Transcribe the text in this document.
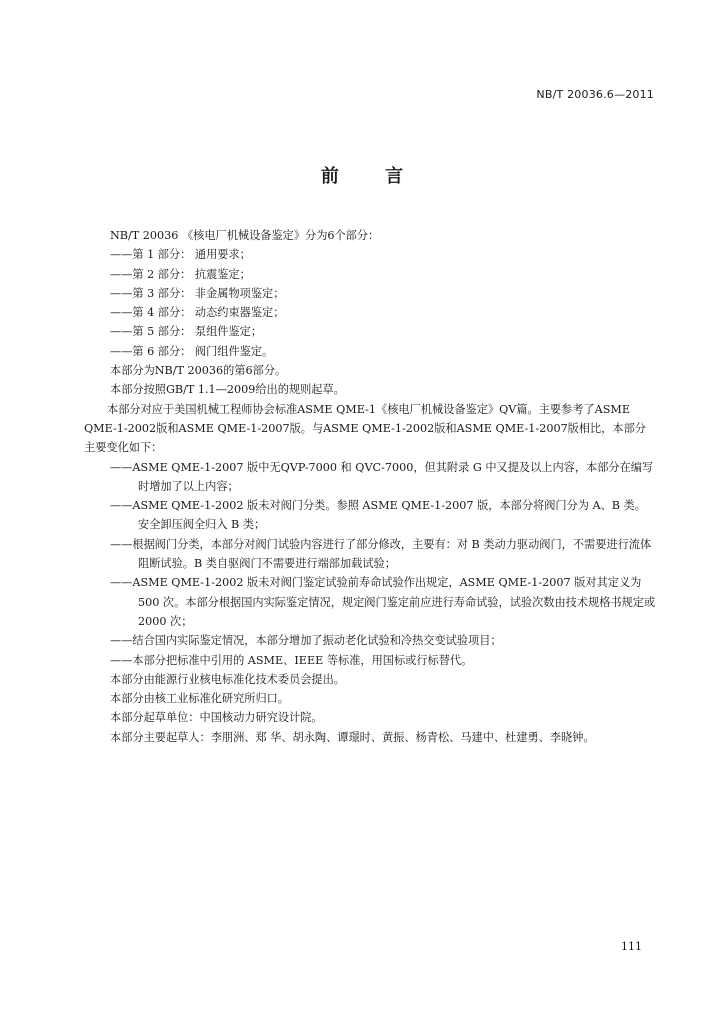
NB/T 20036.6—2011
前 言

NB/T 20036 《核电厂机械设备鉴定》分为6个部分：

——第 1 部分： 通用要求；

——第 2 部分： 抗震鉴定；

——第 3 部分： 非金属物项鉴定；

——第 4 部分： 动态约束器鉴定；

——第 5 部分： 泵组件鉴定；

——第 6 部分： 阀门组件鉴定。

本部分为NB/T 20036的第6部分。

本部分按照GB/T 1.1—2009给出的规则起草。

本部分对应于美国机械工程师协会标准ASME QME-1《核电厂机械设备鉴定》QV篇。主要参考了ASME QME-1-2002版和ASME QME-1-2007版。与ASME QME-1-2002版和ASME QME-1-2007版相比，本部分主要变化如下：

——ASME QME-1-2007 版中无QVP-7000 和 QVC-7000，但其附录 G 中又提及以上内容，本部分在编写时增加了以上内容；

——ASME QME-1-2002 版未对阀门分类。参照 ASME QME-1-2007 版，本部分将阀门分为 A、B 类。安全卸压阀全归入 B 类；

——根据阀门分类，本部分对阀门试验内容进行了部分修改，主要有：对 B 类动力驱动阀门，不需要进行流体阻断试验。B 类自驱阀门不需要进行端部加载试验；

——ASME QME-1-2002 版未对阀门鉴定试验前寿命试验作出规定，ASME QME-1-2007 版对其定义为 500 次。本部分根据国内实际鉴定情况，规定阀门鉴定前应进行寿命试验，试验次数由技术规格书规定或 2000 次；

——结合国内实际鉴定情况，本部分增加了振动老化试验和冷热交变试验项目；

——本部分把标准中引用的 ASME、IEEE 等标准，用国标或行标替代。

本部分由能源行业核电标准化技术委员会提出。

本部分由核工业标准化研究所归口。

本部分起草单位：中国核动力研究设计院。

本部分主要起草人：李朋洲、郑 华、胡永陶、谭璟时、黄振、杨青松、马建中、杜建勇、李晓钟。

111
